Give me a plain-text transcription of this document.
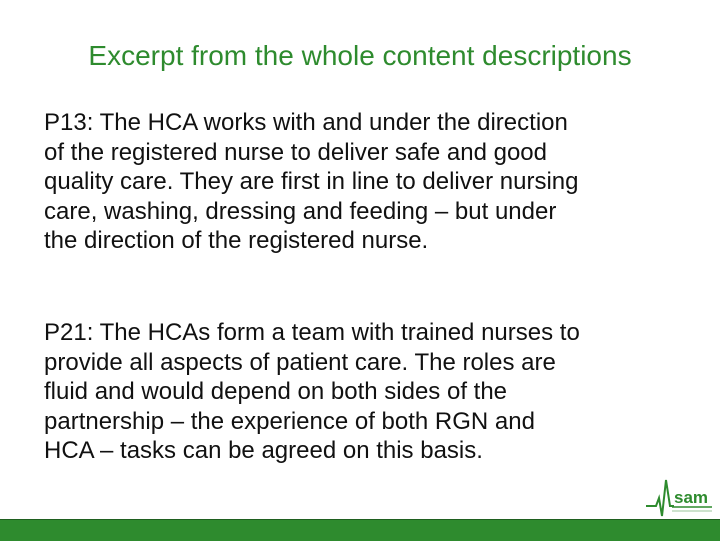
Excerpt from the whole content descriptions
P13: The HCA works with and under the direction
of the registered nurse to deliver safe and good
quality care. They are first in line to deliver nursing
care, washing, dressing and feeding – but under
the direction of the registered nurse.
P21: The HCAs form a team with trained nurses to
provide all aspects of patient care. The roles are
fluid and would depend on both sides of the
partnership – the experience of both RGN and
HCA – tasks can be agreed on this basis.
sam
